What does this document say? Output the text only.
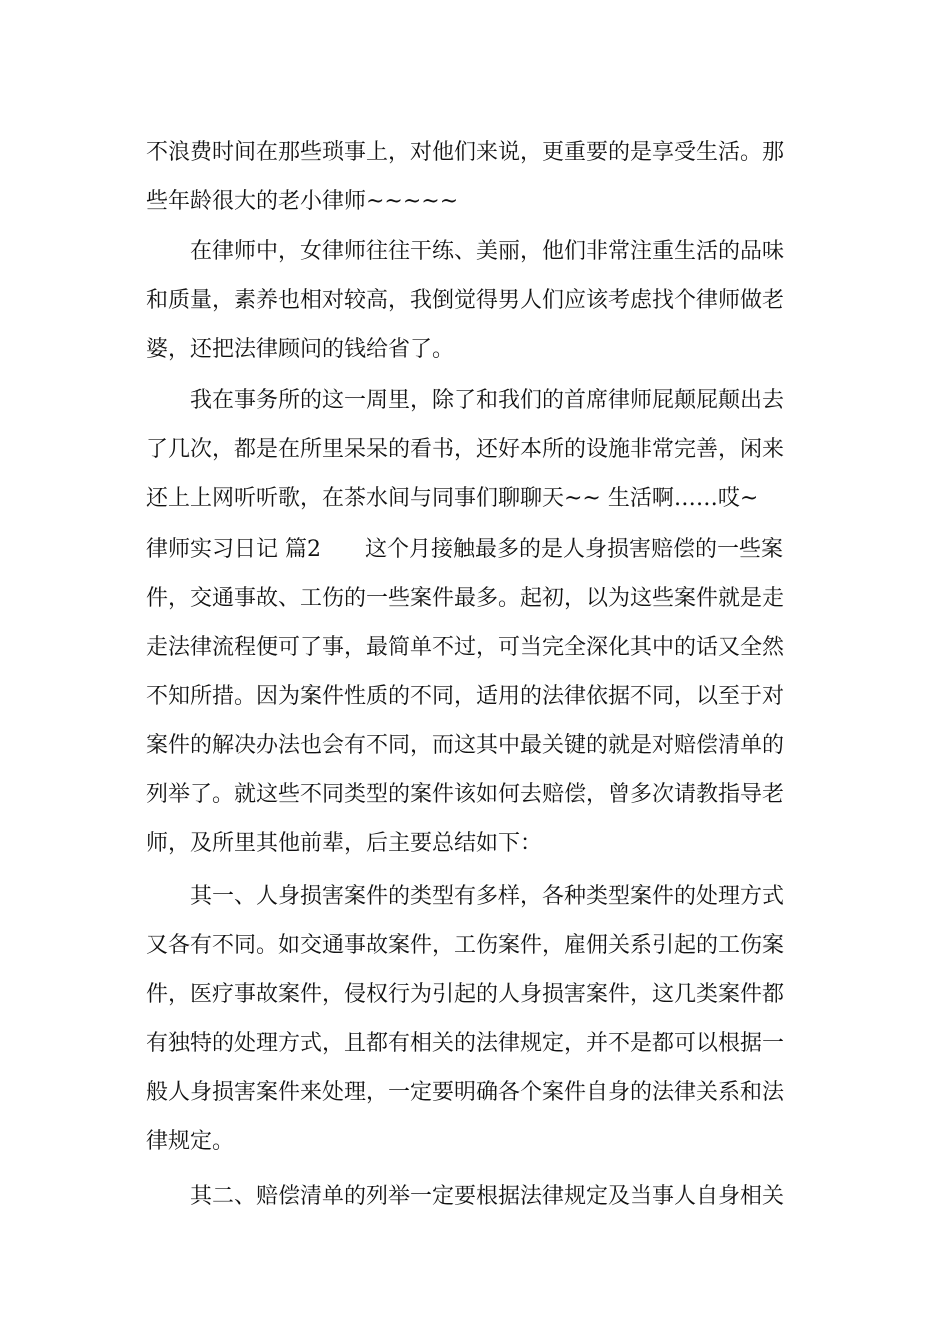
不浪费时间在那些琐事上，对他们来说，更重要的是享受生活。那
些年龄很大的老小律师~~~~~
在律师中，女律师往往干练、美丽，他们非常注重生活的品味
和质量，素养也相对较高，我倒觉得男人们应该考虑找个律师做老
婆，还把法律顾问的钱给省了。
我在事务所的这一周里，除了和我们的首席律师屁颠屁颠出去
了几次，都是在所里呆呆的看书，还好本所的设施非常完善，闲来
还上上网听听歌，在茶水间与同事们聊聊天~~ 生活啊……哎~
律师实习日记 篇2 这个月接触最多的是人身损害赔偿的一些案
件，交通事故、工伤的一些案件最多。起初，以为这些案件就是走
走法律流程便可了事，最简单不过，可当完全深化其中的话又全然
不知所措。因为案件性质的不同，适用的法律依据不同，以至于对
案件的解决办法也会有不同，而这其中最关键的就是对赔偿清单的
列举了。就这些不同类型的案件该如何去赔偿，曾多次请教指导老
师，及所里其他前辈，后主要总结如下：
其一、人身损害案件的类型有多样，各种类型案件的处理方式
又各有不同。如交通事故案件，工伤案件，雇佣关系引起的工伤案
件，医疗事故案件，侵权行为引起的人身损害案件，这几类案件都
有独特的处理方式，且都有相关的法律规定，并不是都可以根据一
般人身损害案件来处理，一定要明确各个案件自身的法律关系和法
律规定。
其二、赔偿清单的列举一定要根据法律规定及当事人自身相关
